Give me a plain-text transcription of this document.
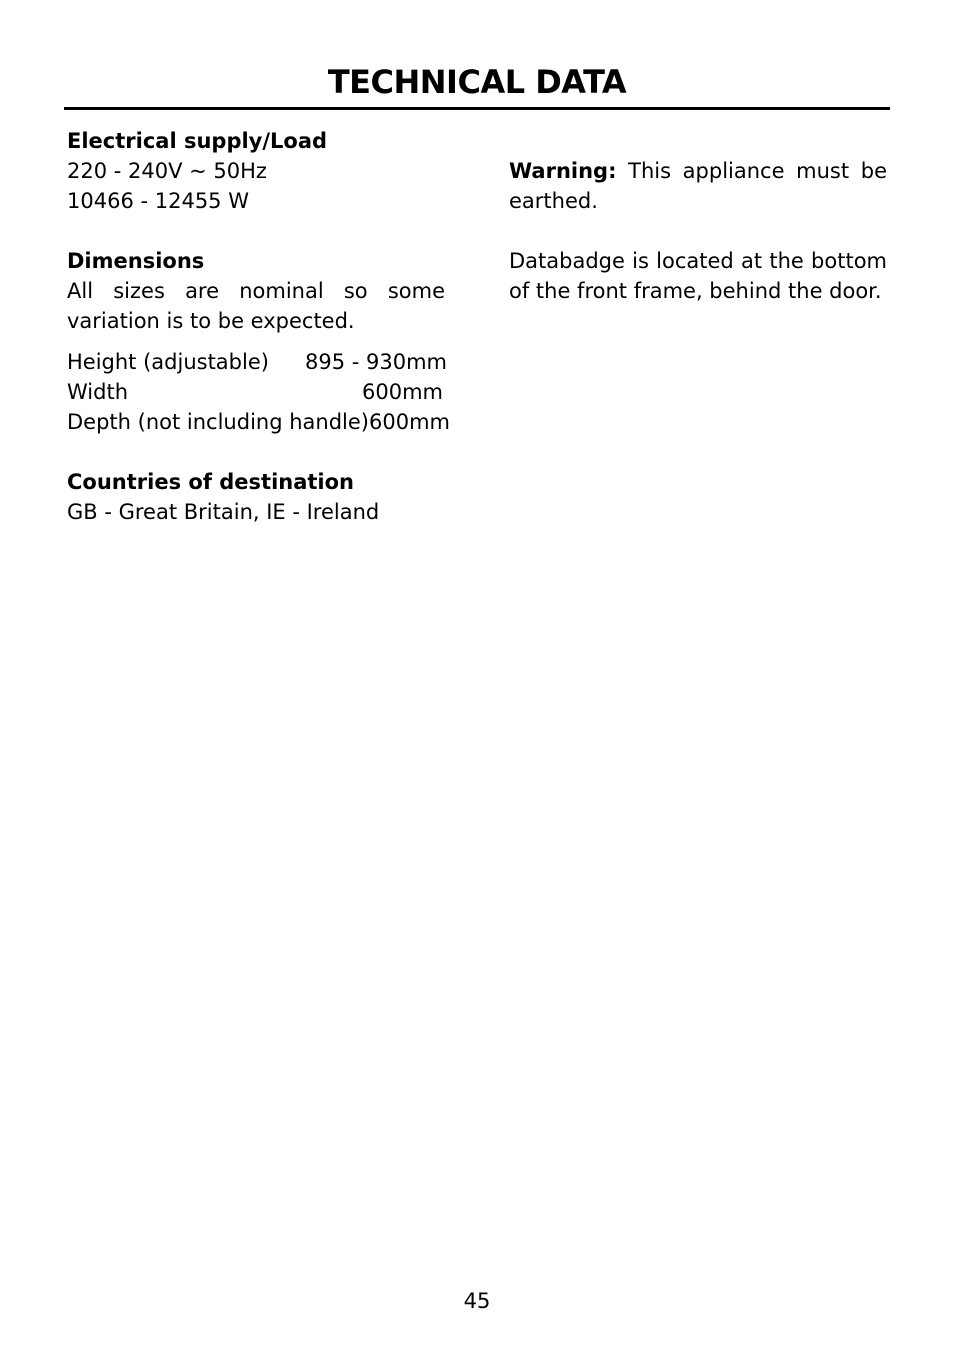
TECHNICAL DATA

Electrical supply/Load

220 - 240V ~ 50Hz

10466 - 12455 W

Dimensions

All sizes are nominal so some variation is to be expected.

Height (adjustable) 895 - 930mm
Width	600mm
Depth (not including handle) 600mm

Countries of destination

GB - Great Britain, IE - Ireland

Warning: This appliance must be earthed.

Databadge is located at the bottom of the front frame, behind the door.

45
